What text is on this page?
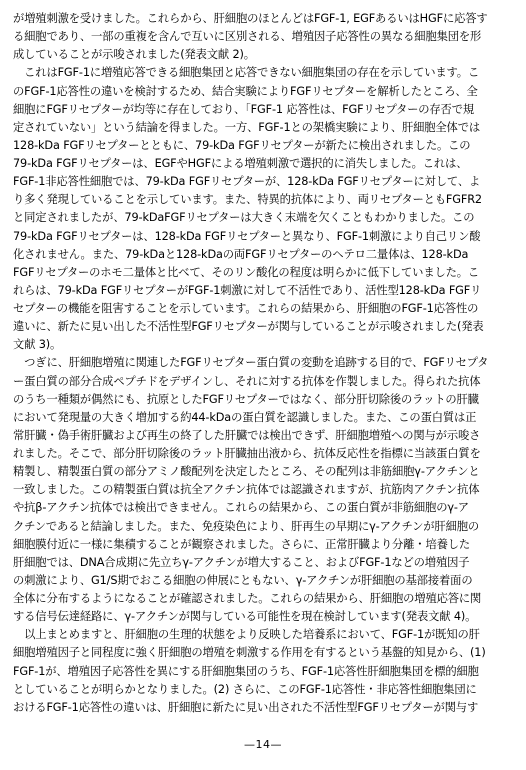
が増殖刺激を受けました。これらから、肝細胞のほとんどはFGF-1, EGFあるいはHGFに応答す
る細胞であり、一部の重複を含んで互いに区別される、増殖因子応答性の異なる細胞集団を形
成していることが示唆されました(発表文献 2)。
　これはFGF-1に増殖応答できる細胞集団と応答できない細胞集団の存在を示しています。こ
のFGF-1応答性の違いを検討するため、結合実験によりFGFリセプターを解析したところ、全
細胞にFGFリセプターが均等に存在しており、「FGF-1 応答性は、FGFリセプターの存否で規
定されていない」という結論を得ました。一方、FGF-1との架橋実験により、肝細胞全体では
128-kDa FGFリセプターとともに、79-kDa FGFリセプターが新たに検出されました。この
79-kDa FGFリセプターは、EGFやHGFによる増殖刺激で選択的に消失しました。これは、
FGF-1非応答性細胞では、79-kDa FGFリセプターが、128-kDa FGFリセプターに対して、よ
り多く発現していることを示しています。また、特異的抗体により、両リセプターともFGFR2
と同定されましたが、79-kDaFGFリセプターは大きく末端を欠くこともわかりました。この
79-kDa FGFリセプターは、128-kDa FGFリセプターと異なり、FGF-1刺激により自己リン酸
化されません。また、79-kDaと128-kDaの両FGFリセプターのヘテロ二量体は、128-kDa
FGFリセプターのホモ二量体と比べて、そのリン酸化の程度は明らかに低下していました。こ
れらは、79-kDa FGFリセプターがFGF-1刺激に対して不活性であり、活性型128-kDa FGFリ
セプターの機能を阻害することを示しています。これらの結果から、肝細胞のFGF-1応答性の
違いに、新たに見い出した不活性型FGFリセプターが関与していることが示唆されました(発表
文献 3)。
　つぎに、肝細胞増殖に関連したFGFリセプター蛋白質の変動を追跡する目的で、FGFリセプタ
ー蛋白質の部分合成ペプチドをデザインし、それに対する抗体を作製しました。得られた抗体
のうち一種類が偶然にも、抗原としたFGFリセプターではなく、部分肝切除後のラットの肝臓
において発現量の大きく増加する約44-kDaの蛋白質を認識しました。また、この蛋白質は正
常肝臓・偽手術肝臓および再生の終了した肝臓では検出できず、肝細胞増殖への関与が示唆さ
れました。そこで、部分肝切除後のラット肝臓抽出液から、抗体反応性を指標に当該蛋白質を
精製し、精製蛋白質の部分アミノ酸配列を決定したところ、その配列は非筋細胞γ-アクチンと
一致しました。この精製蛋白質は抗全アクチン抗体では認識されますが、抗筋肉アクチン抗体
や抗β-アクチン抗体では検出できません。これらの結果から、この蛋白質が非筋細胞のγ-ア
クチンであると結論しました。また、免疫染色により、肝再生の早期にγ-アクチンが肝細胞の
細胞膜付近に一様に集積することが観察されました。さらに、正常肝臓より分離・培養した
肝細胞では、DNA合成期に先立ちγ-アクチンが増大すること、およびFGF-1などの増殖因子
の刺激により、G1/S期でおこる細胞の伸展にともない、γ-アクチンが肝細胞の基部接着面の
全体に分布するようになることが確認されました。これらの結果から、肝細胞の増殖応答に関
する信号伝達経路に、γ-アクチンが関与している可能性を現在検討しています(発表文献 4)。
　以上まとめますと、肝細胞の生理的状態をより反映した培養系において、FGF-1が既知の肝
細胞増殖因子と同程度に強く肝細胞の増殖を刺激する作用を有するという基盤的知見から、(1)
FGF-1が、増殖因子応答性を異にする肝細胞集団のうち、FGF-1応答性肝細胞集団を標的細胞
としていることが明らかとなりました。(2) さらに、このFGF-1応答性・非応答性細胞集団に
おけるFGF-1応答性の違いは、肝細胞に新たに見い出された不活性型FGFリセプターが関与す
—14—
